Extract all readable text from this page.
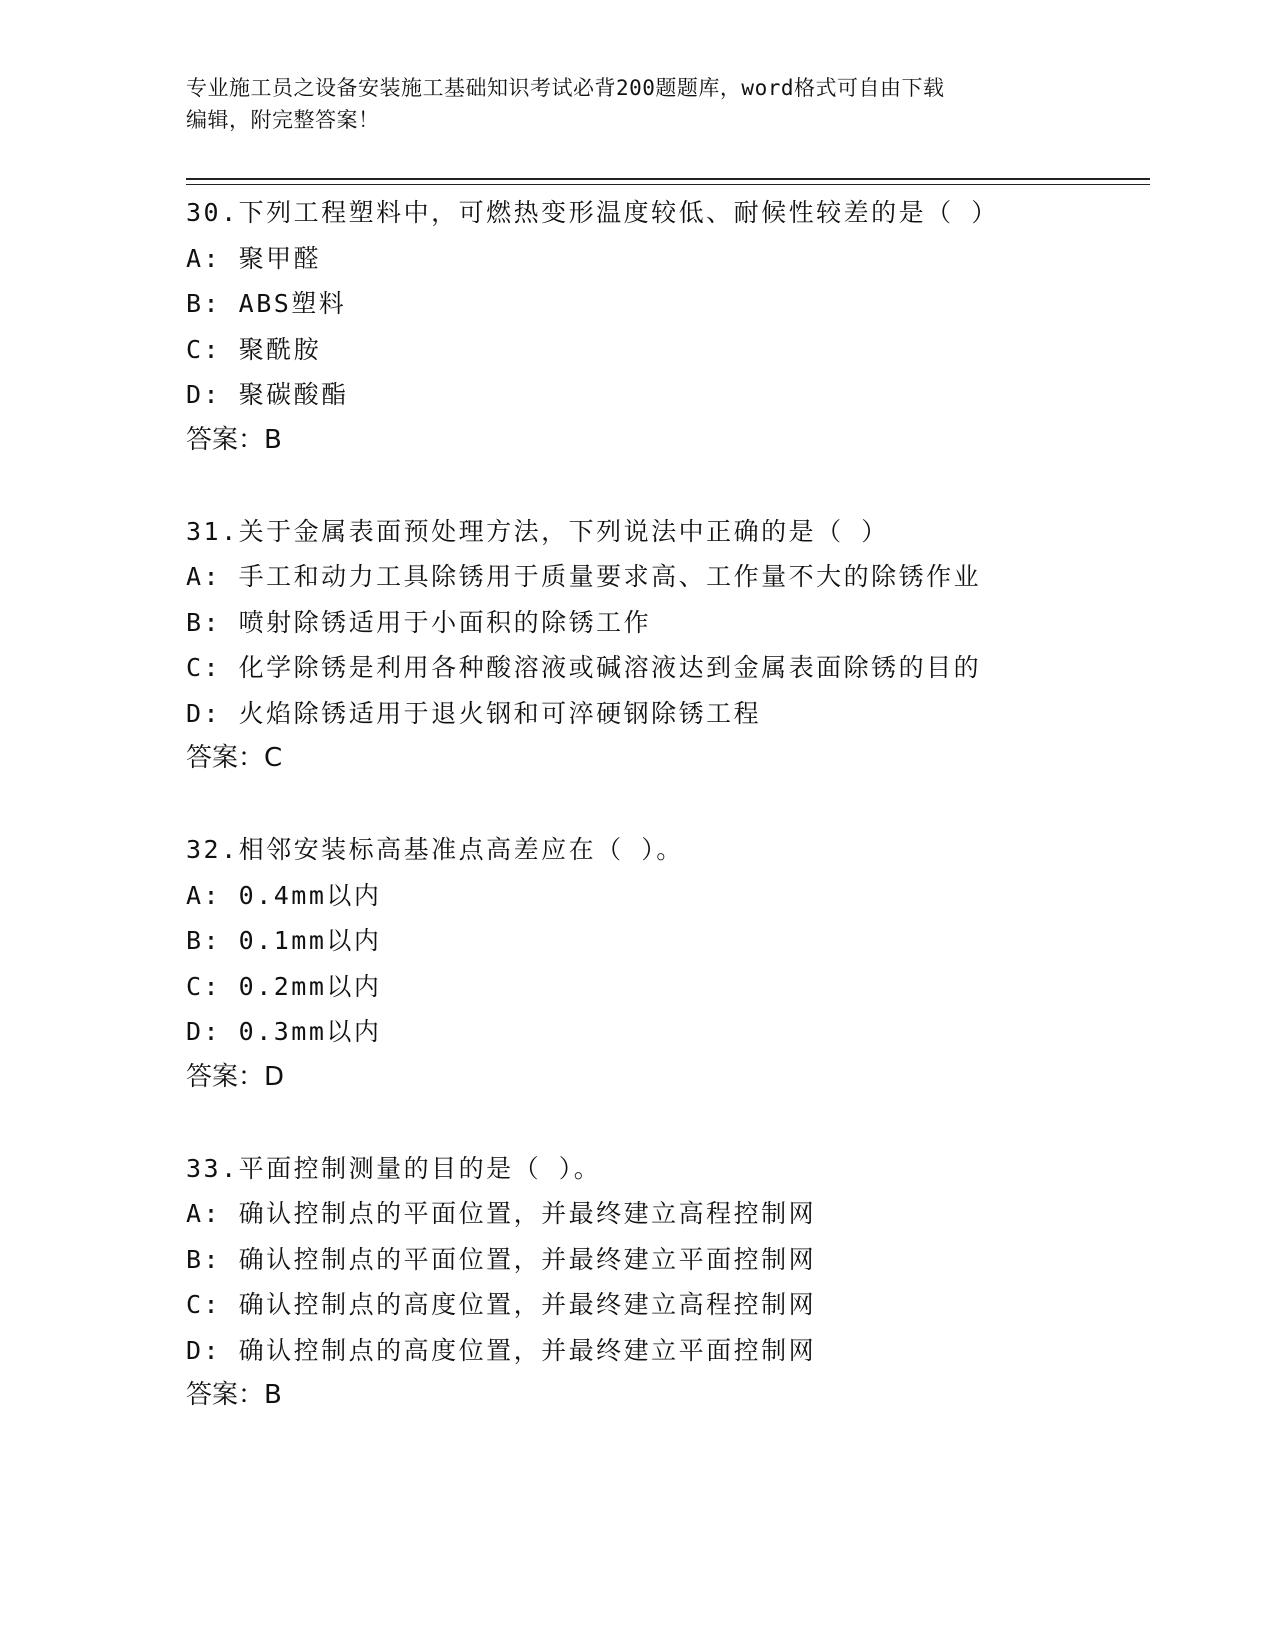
专业施工员之设备安装施工基础知识考试必背200题题库，word格式可自由下载
编辑，附完整答案！
30.下列工程塑料中，可燃热变形温度较低、耐候性较差的是（ ）
A: 聚甲醛
B: ABS塑料
C: 聚酰胺
D: 聚碳酸酯
答案：B
31.关于金属表面预处理方法，下列说法中正确的是（ ）
A: 手工和动力工具除锈用于质量要求高、工作量不大的除锈作业
B: 喷射除锈适用于小面积的除锈工作
C: 化学除锈是利用各种酸溶液或碱溶液达到金属表面除锈的目的
D: 火焰除锈适用于退火钢和可淬硬钢除锈工程
答案：C
32.相邻安装标高基准点高差应在（ ）。
A: 0.4mm以内
B: 0.1mm以内
C: 0.2mm以内
D: 0.3mm以内
答案：D
33.平面控制测量的目的是（ ）。
A: 确认控制点的平面位置，并最终建立高程控制网
B: 确认控制点的平面位置，并最终建立平面控制网
C: 确认控制点的高度位置，并最终建立高程控制网
D: 确认控制点的高度位置，并最终建立平面控制网
答案：B
